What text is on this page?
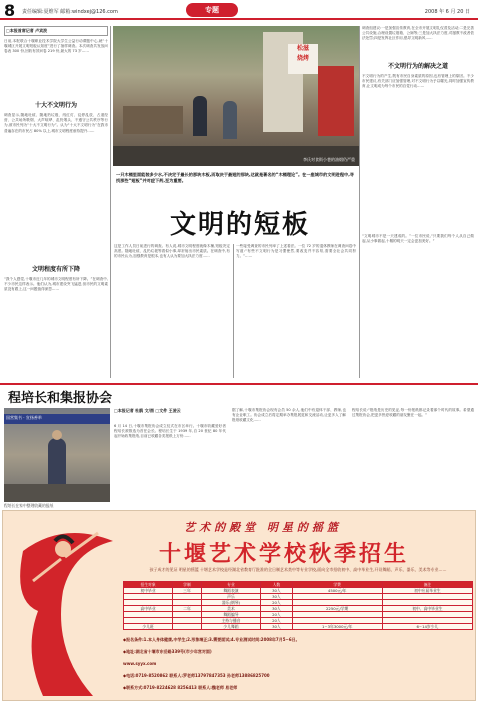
8 责任编辑:夏维军 邮箱:windxej@126.com	专题	2008 年 6 月 20 日
□本报首席记者 卢宾波
日前,本报联合十堰职业技术学院大学生公益行动课题中心,就“十堰城区开展文明短板认知度”进行了抽样调查。本次调查共发放问卷表 300 份,回收有效问卷 219 份,最大的 73 岁……
十大不文明行为
调查显示,随地吐痰、随地扔垃圾、闯红灯、乱停乱放、占道经营、公共场所吸烟、大声喧哗、乱扔烟头、不遵守公共秩序等行为,被市民列为“十大不文明行为”。认为“十大不文明行为”在我市普遍存在的市民占 80% 以上,城市文明程度亟待提升……
文明程度有所下降
“我个人感觉,十堰市近几年的城市文明程度有所下降。”在调查中,不少市民这样表示。他们认为,城市建设突飞猛进,但市民的文明素质没有跟上,这一问题值得深思……
松滋
烧烤
李氏对食街小巷的油烟仍严重
一只木桶里面能装多少水,不决定于最长的那块木板,而取决于最短的那块,这就是著名的“木桶理论”。在一座城市的文明进程中,寻找那些“短板”并对症下药,至为重要。
文明的短板
这是工作人员日前进行的调查。有人说,城市文明程度就像木桶,短板决定高度。随地吐痰、乱扔垃圾等看似小事,却折射出市民素质。在调查中,有的市民认为,加强教育是根本,也有人认为要加大执法力度……
一些接受调查的市民列举了上述看法。一位 72 岁的退休教师在调查问卷中写道:“有些不文明行为是习惯使然,要改变并不容易,需要全社会共同努力。”……
调查组建议:一是加强宣传教育,在全市开展文明礼仪普及活动;二是完善公共设施,合理设置垃圾箱、公厕等;三是加大执法力度,对屡教不改者依法处罚;四是发挥社区作用,倡导文明新风……
不文明行为的解决之道
不文明行为的产生,既有市民自身素质的原因,也有管理上的原因。不少市民建议,有关部门应加强管理,对不文明行为予以曝光,同时加强宣传教育,让文明成为每个市民的自觉行动……
“文明城市不是一天建成的。”一位市民说,“只要我们每个人从自己做起,从小事做起,十堰的明天一定会更加美好。”
程培长和集报协会
国营集书 · 宣扬善举
程培长在家中整理收藏的报纸
□本报记者 杜鹃 文/图 □文件 王凌云
6 月 14 日,十堰市集报协会成立仪式在市区举行。十堰市收藏爱好者程培长被推选为首任会长。程培长生于 1939 年,自 20 世纪 80 年代起开始收集报纸,目前已收藏各类报纸上万份……
据了解,十堰市集报协会现有会员 50 余人,他们中有退休干部、教师,也有企业职工。协会成立后将定期举办集报展览和交流活动,让更多人了解报纸收藏文化……
程培长说:“报纸是历史的见证,每一份报纸都记录着那个时代的故事。希望通过集报协会,把更多热爱收藏的朋友聚在一起。”
艺术的殿堂 明星的摇篮
十堰艺术学校秋季招生
孩子成才的见证 明星的摇篮 十堰艺术学校是经湖北省教育厅批准的全日制艺术类中等专业学校,面向全市招收初中、高中毕业生,开设舞蹈、声乐、器乐、美术等专业……
招生对象	学制	专业	人数	学费	备注
初中毕业	三年	舞蹈表演	30人	4500元/年	初中应届毕业生
		声乐	30人		
		器乐(钢琴)	20人		
高中毕业	二年	美术	30人	2250元/学期	初中、高中毕业生
		舞蹈编导	20人		
		主持与播音	20人		
少儿班		少儿舞蹈	30人	1~3年3000元/年	6~14岁少儿
◆报名条件:1.本人身体健康,中学生;2.形象端正;3.需要面试;4.专业测试时间:2008年7月5~6日。
◆地址:湖北省十堰市东岳路339号(市少年宫对面)
www.syyx.com
◆电话:0719-8520862 联系人:罗老师13797847353 孙老师13886825700
◆联系方式:0719-8224628 8256413 联系人:魏老师 易老师
